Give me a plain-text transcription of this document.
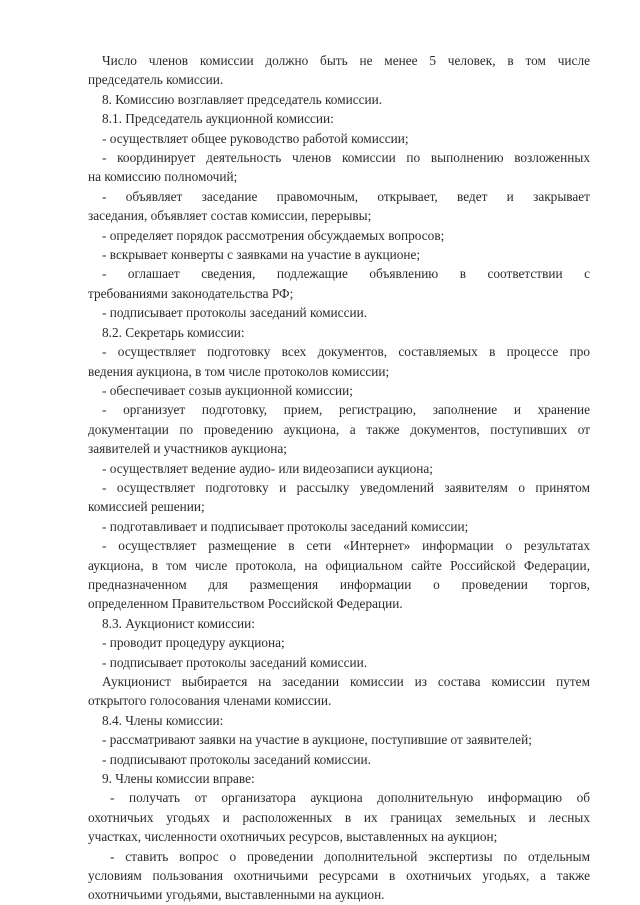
Число членов комиссии должно быть не менее 5 человек, в том числе
председатель комиссии.
8. Комиссию возглавляет председатель комиссии.
8.1. Председатель аукционной комиссии:
- осуществляет общее руководство работой комиссии;
- координирует деятельность членов комиссии по выполнению возложенных
на комиссию полномочий;
- объявляет заседание правомочным, открывает, ведет и закрывает
заседания, объявляет состав комиссии, перерывы;
- определяет порядок рассмотрения обсуждаемых вопросов;
- вскрывает конверты с заявками на участие в аукционе;
- оглашает сведения, подлежащие объявлению в соответствии с
требованиями законодательства РФ;
- подписывает протоколы заседаний комиссии.
8.2. Секретарь комиссии:
- осуществляет подготовку всех документов, составляемых в процессе про
ведения аукциона, в том числе протоколов комиссии;
- обеспечивает созыв аукционной комиссии;
- организует подготовку, прием, регистрацию, заполнение и хранение
документации по проведению аукциона, а также документов, поступивших от
заявителей и участников аукциона;
- осуществляет ведение аудио- или видеозаписи аукциона;
- осуществляет подготовку и рассылку уведомлений заявителям о принятом
комиссией решении;
- подготавливает и подписывает протоколы заседаний комиссии;
- осуществляет размещение в сети «Интернет» информации о результатах
аукциона, в том числе протокола, на официальном сайте Российской Федерации,
предназначенном для размещения информации о проведении торгов,
определенном Правительством Российской Федерации.
8.3. Аукционист комиссии:
- проводит процедуру аукциона;
- подписывает протоколы заседаний комиссии.
Аукционист выбирается на заседании комиссии из состава комиссии путем
открытого голосования членами комиссии.
8.4. Члены комиссии:
- рассматривают заявки на участие в аукционе, поступившие от заявителей;
- подписывают протоколы заседаний комиссии.
9. Члены комиссии вправе:
- получать от организатора аукциона дополнительную информацию об
охотничьих угодьях и расположенных в их границах земельных и лесных
участках, численности охотничьих ресурсов, выставленных на аукцион;
- ставить вопрос о проведении дополнительной экспертизы по отдельным
условиям пользования охотничьими ресурсами в охотничьих угодьях, а также
охотничьими угодьями, выставленными на аукцион.
